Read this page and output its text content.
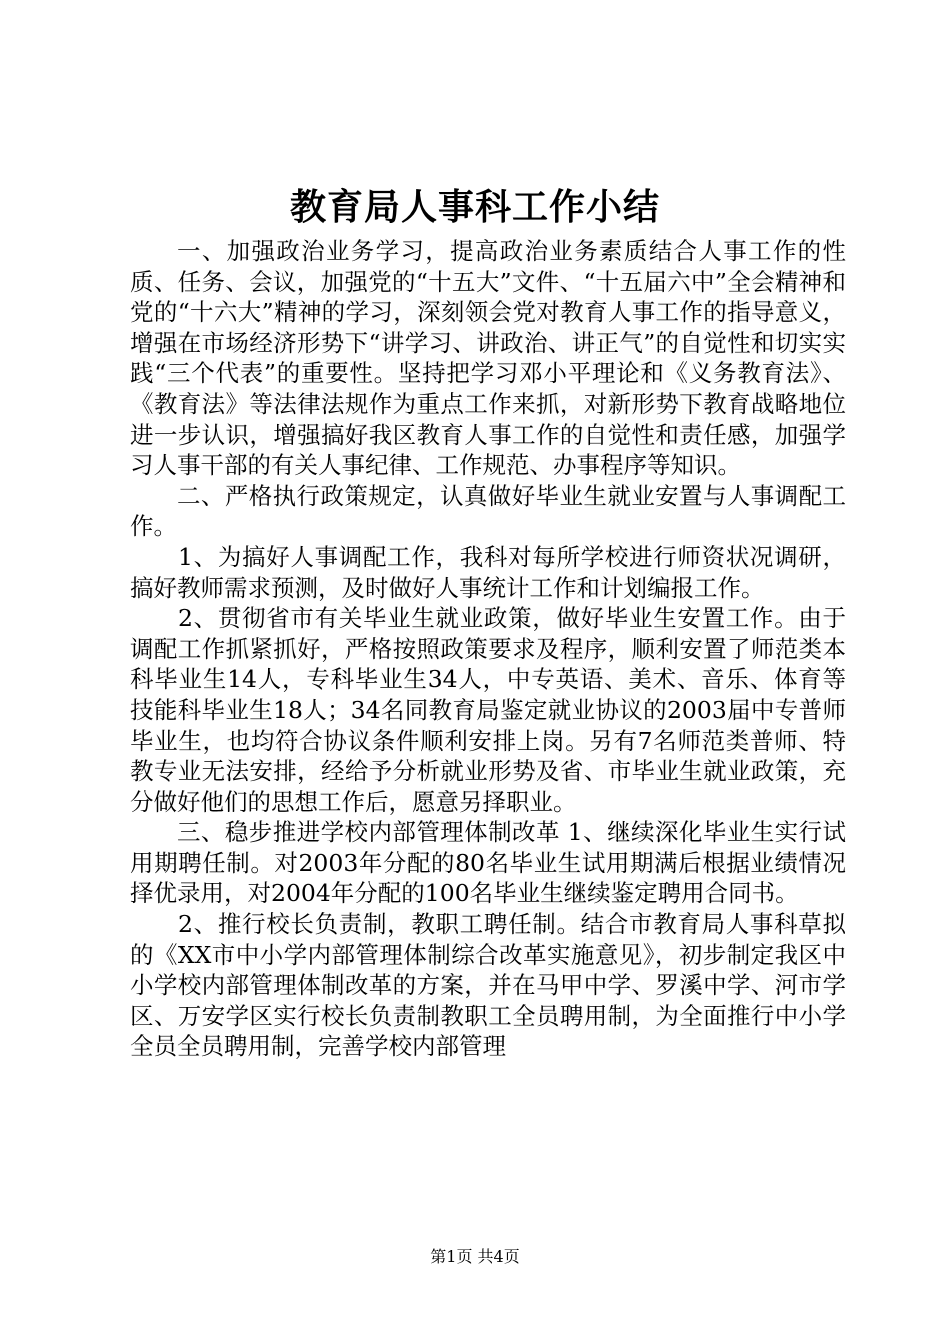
教育局人事科工作小结

一、加强政治业务学习，提高政治业务素质结合人事工作的性质、任务、会议，加强党的“十五大”文件、“十五届六中”全会精神和党的“十六大”精神的学习，深刻领会党对教育人事工作的指导意义，增强在市场经济形势下“讲学习、讲政治、讲正气”的自觉性和切实实践“三个代表”的重要性。坚持把学习邓小平理论和《义务教育法》、《教育法》等法律法规作为重点工作来抓，对新形势下教育战略地位进一步认识，增强搞好我区教育人事工作的自觉性和责任感，加强学习人事干部的有关人事纪律、工作规范、办事程序等知识。

二、严格执行政策规定，认真做好毕业生就业安置与人事调配工作。

1、为搞好人事调配工作，我科对每所学校进行师资状况调研，搞好教师需求预测，及时做好人事统计工作和计划编报工作。

2、贯彻省市有关毕业生就业政策，做好毕业生安置工作。由于调配工作抓紧抓好，严格按照政策要求及程序，顺利安置了师范类本科毕业生14人，专科毕业生34人，中专英语、美术、音乐、体育等技能科毕业生18人；34名同教育局鉴定就业协议的2003届中专普师毕业生，也均符合协议条件顺利安排上岗。另有7名师范类普师、特教专业无法安排，经给予分析就业形势及省、市毕业生就业政策，充分做好他们的思想工作后，愿意另择职业。

三、稳步推进学校内部管理体制改革 1、继续深化毕业生实行试用期聘任制。对2003年分配的80名毕业生试用期满后根据业绩情况择优录用，对2004年分配的100名毕业生继续鉴定聘用合同书。

2、推行校长负责制，教职工聘任制。结合市教育局人事科草拟的《XX市中小学内部管理体制综合改革实施意见》，初步制定我区中小学校内部管理体制改革的方案，并在马甲中学、罗溪中学、河市学区、万安学区实行校长负责制教职工全员聘用制，为全面推行中小学全员全员聘用制，完善学校内部管理

第1页 共4页
